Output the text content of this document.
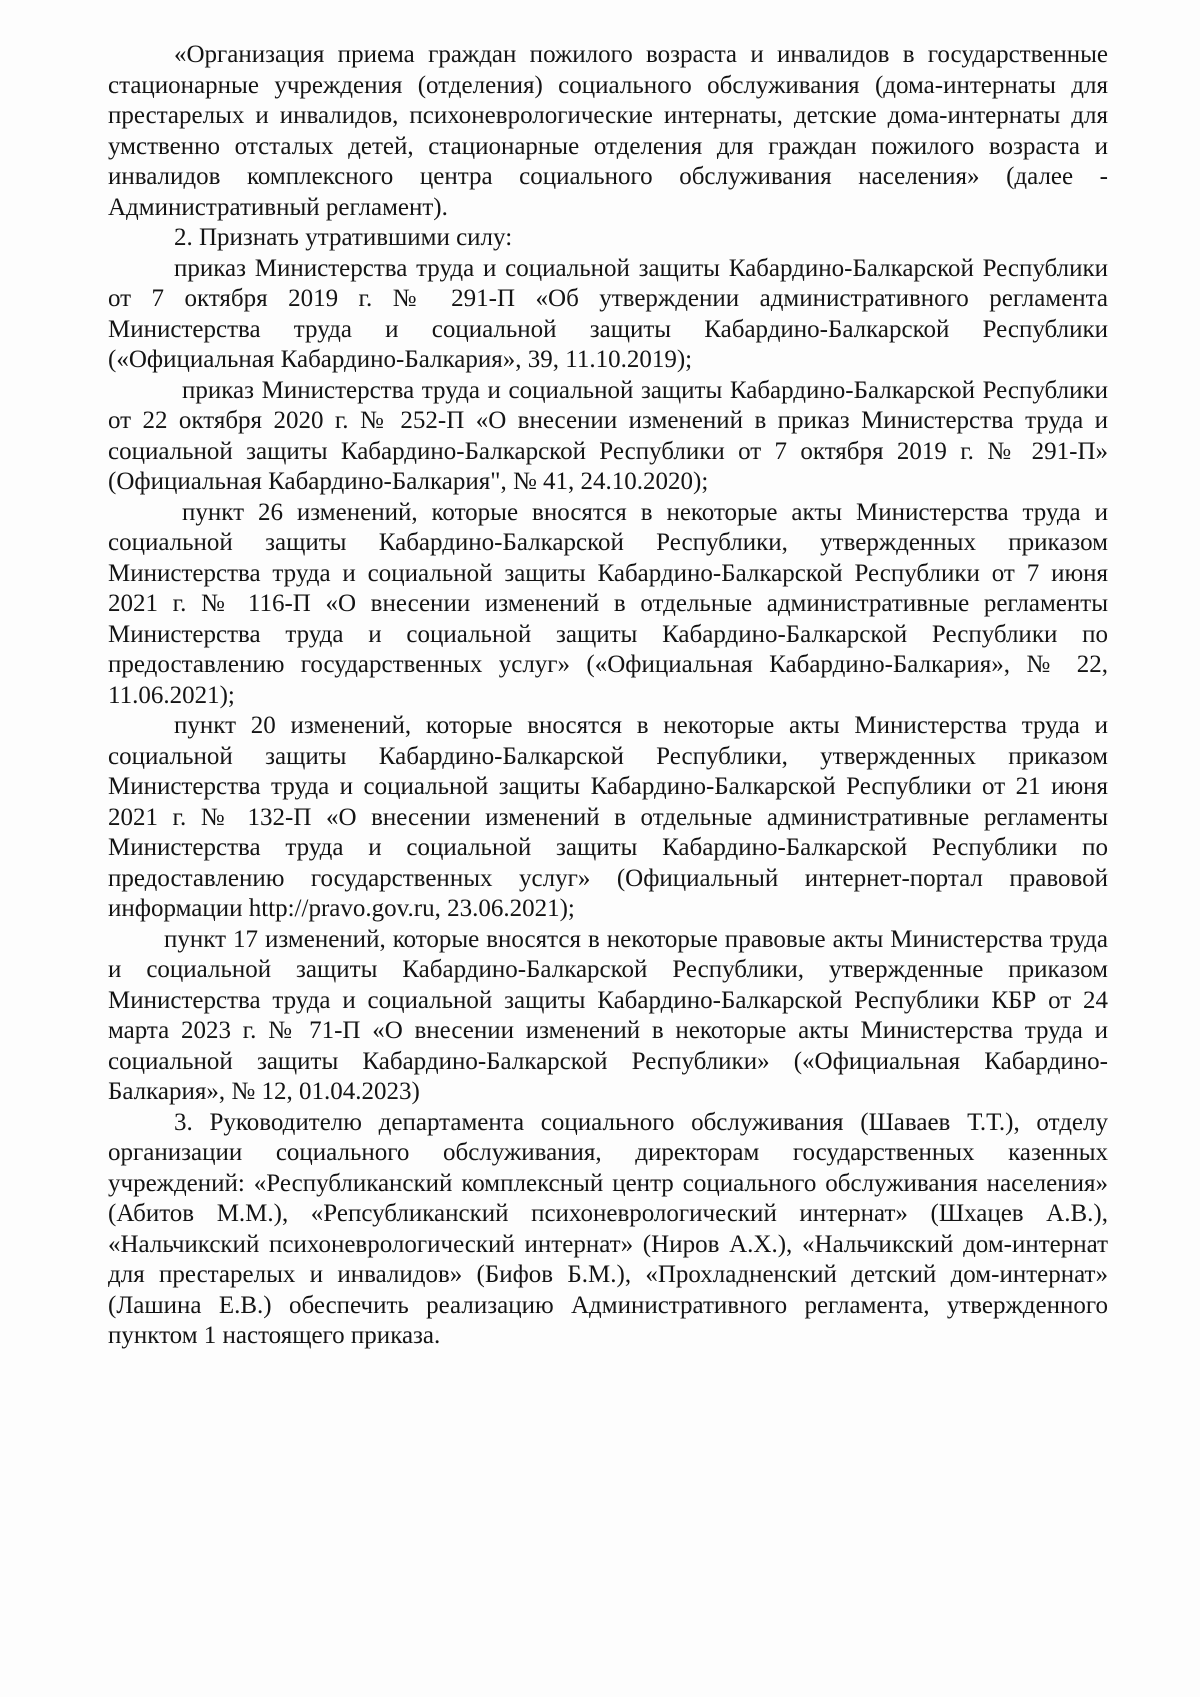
«Организация приема граждан пожилого возраста и инвалидов в государственные стационарные учреждения (отделения) социального обслуживания (дома-интернаты для престарелых и инвалидов, психоневрологические интернаты, детские дома-интернаты для умственно отсталых детей, стационарные отделения для граждан пожилого возраста и инвалидов комплексного центра социального обслуживания населения» (далее - Административный регламент).

2. Признать утратившими силу:

приказ Министерства труда и социальной защиты Кабардино-Балкарской Республики от 7 октября 2019 г. № 291-П «Об утверждении административного регламента Министерства труда и социальной защиты Кабардино-Балкарской Республики («Официальная Кабардино-Балкария», 39, 11.10.2019);

приказ Министерства труда и социальной защиты Кабардино-Балкарской Республики от 22 октября 2020 г. № 252-П «О внесении изменений в приказ Министерства труда и социальной защиты Кабардино-Балкарской Республики от 7 октября 2019 г. № 291-П» (Официальная Кабардино-Балкария", № 41, 24.10.2020);

пункт 26 изменений, которые вносятся в некоторые акты Министерства труда и социальной защиты Кабардино-Балкарской Республики, утвержденных приказом Министерства труда и социальной защиты Кабардино-Балкарской Республики от 7 июня 2021 г. № 116-П «О внесении изменений в отдельные административные регламенты Министерства труда и социальной защиты Кабардино-Балкарской Республики по предоставлению государственных услуг» («Официальная Кабардино-Балкария», № 22, 11.06.2021);

пункт 20 изменений, которые вносятся в некоторые акты Министерства труда и социальной защиты Кабардино-Балкарской Республики, утвержденных приказом Министерства труда и социальной защиты Кабардино-Балкарской Республики от 21 июня 2021 г. № 132-П «О внесении изменений в отдельные административные регламенты Министерства труда и социальной защиты Кабардино-Балкарской Республики по предоставлению государственных услуг» (Официальный интернет-портал правовой информации http://pravo.gov.ru, 23.06.2021);

пункт 17 изменений, которые вносятся в некоторые правовые акты Министерства труда и социальной защиты Кабардино-Балкарской Республики, утвержденные приказом Министерства труда и социальной защиты Кабардино-Балкарской Республики КБР от 24 марта 2023 г. № 71-П «О внесении изменений в некоторые акты Министерства труда и социальной защиты Кабардино-Балкарской Республики» («Официальная Кабардино-Балкария», № 12, 01.04.2023)

3. Руководителю департамента социального обслуживания (Шаваев Т.Т.), отделу организации социального обслуживания, директорам государственных казенных учреждений: «Республиканский комплексный центр социального обслуживания населения» (Абитов М.М.), «Репсубликанский психоневрологический интернат» (Шхацев А.В.), «Нальчикский психоневрологический интернат» (Ниров А.Х.), «Нальчикский дом-интернат для престарелых и инвалидов» (Бифов Б.М.), «Прохладненский детский дом-интернат» (Лашина Е.В.) обеспечить реализацию Административного регламента, утвержденного пунктом 1 настоящего приказа.
